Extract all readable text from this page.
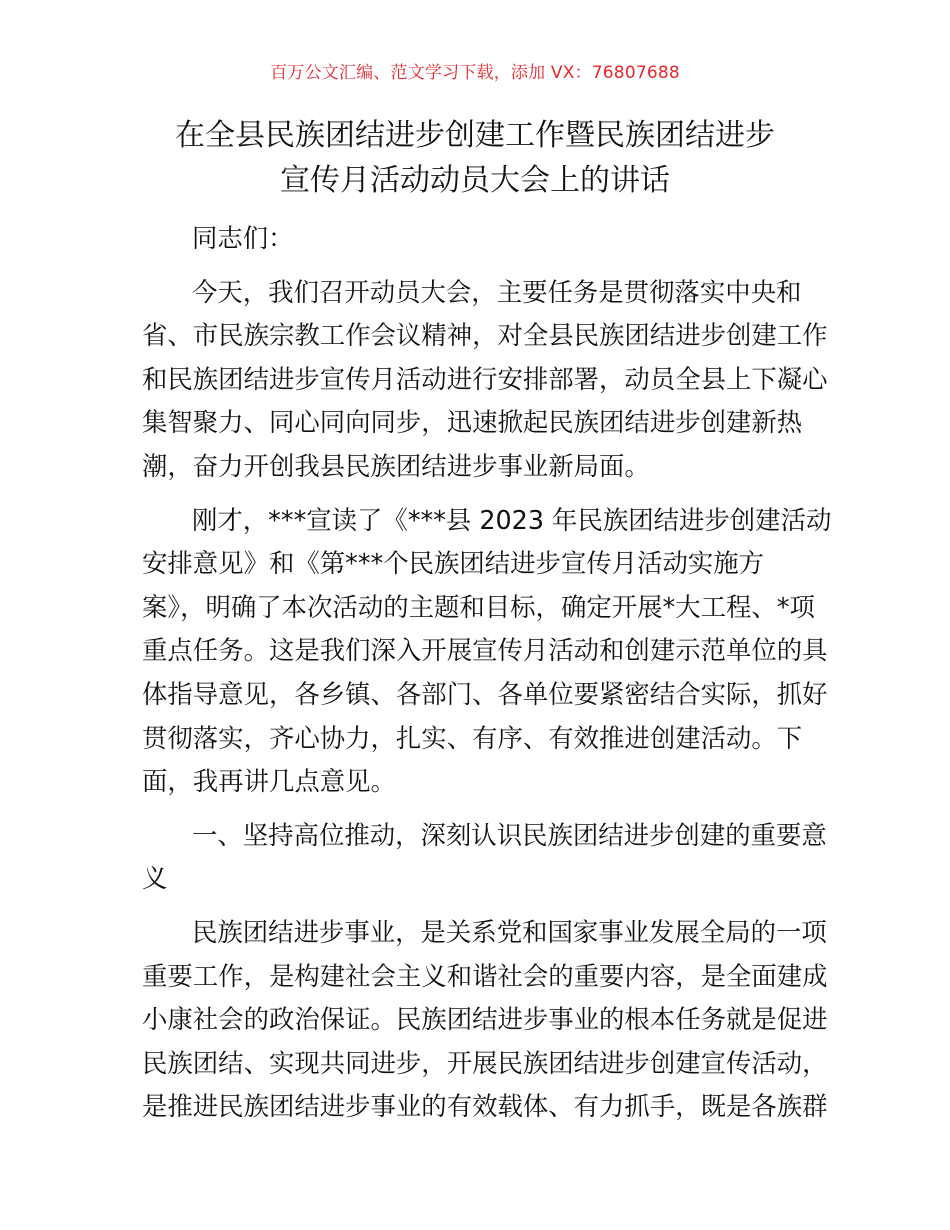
百万公文汇编、范文学习下载，添加 VX：76807688
在全县民族团结进步创建工作暨民族团结进步
宣传月活动动员大会上的讲话
同志们：
今天，我们召开动员大会，主要任务是贯彻落实中央和
省、市民族宗教工作会议精神，对全县民族团结进步创建工作
和民族团结进步宣传月活动进行安排部署，动员全县上下凝心
集智聚力、同心同向同步，迅速掀起民族团结进步创建新热
潮，奋力开创我县民族团结进步事业新局面。
刚才，***宣读了《***县 2023 年民族团结进步创建活动
安排意见》和《第***个民族团结进步宣传月活动实施方
案》，明确了本次活动的主题和目标，确定开展*大工程、*项
重点任务。这是我们深入开展宣传月活动和创建示范单位的具
体指导意见，各乡镇、各部门、各单位要紧密结合实际，抓好
贯彻落实，齐心协力，扎实、有序、有效推进创建活动。下
面，我再讲几点意见。
一、坚持高位推动，深刻认识民族团结进步创建的重要意
义
民族团结进步事业，是关系党和国家事业发展全局的一项
重要工作，是构建社会主义和谐社会的重要内容，是全面建成
小康社会的政治保证。民族团结进步事业的根本任务就是促进
民族团结、实现共同进步，开展民族团结进步创建宣传活动，
是推进民族团结进步事业的有效载体、有力抓手，既是各族群
